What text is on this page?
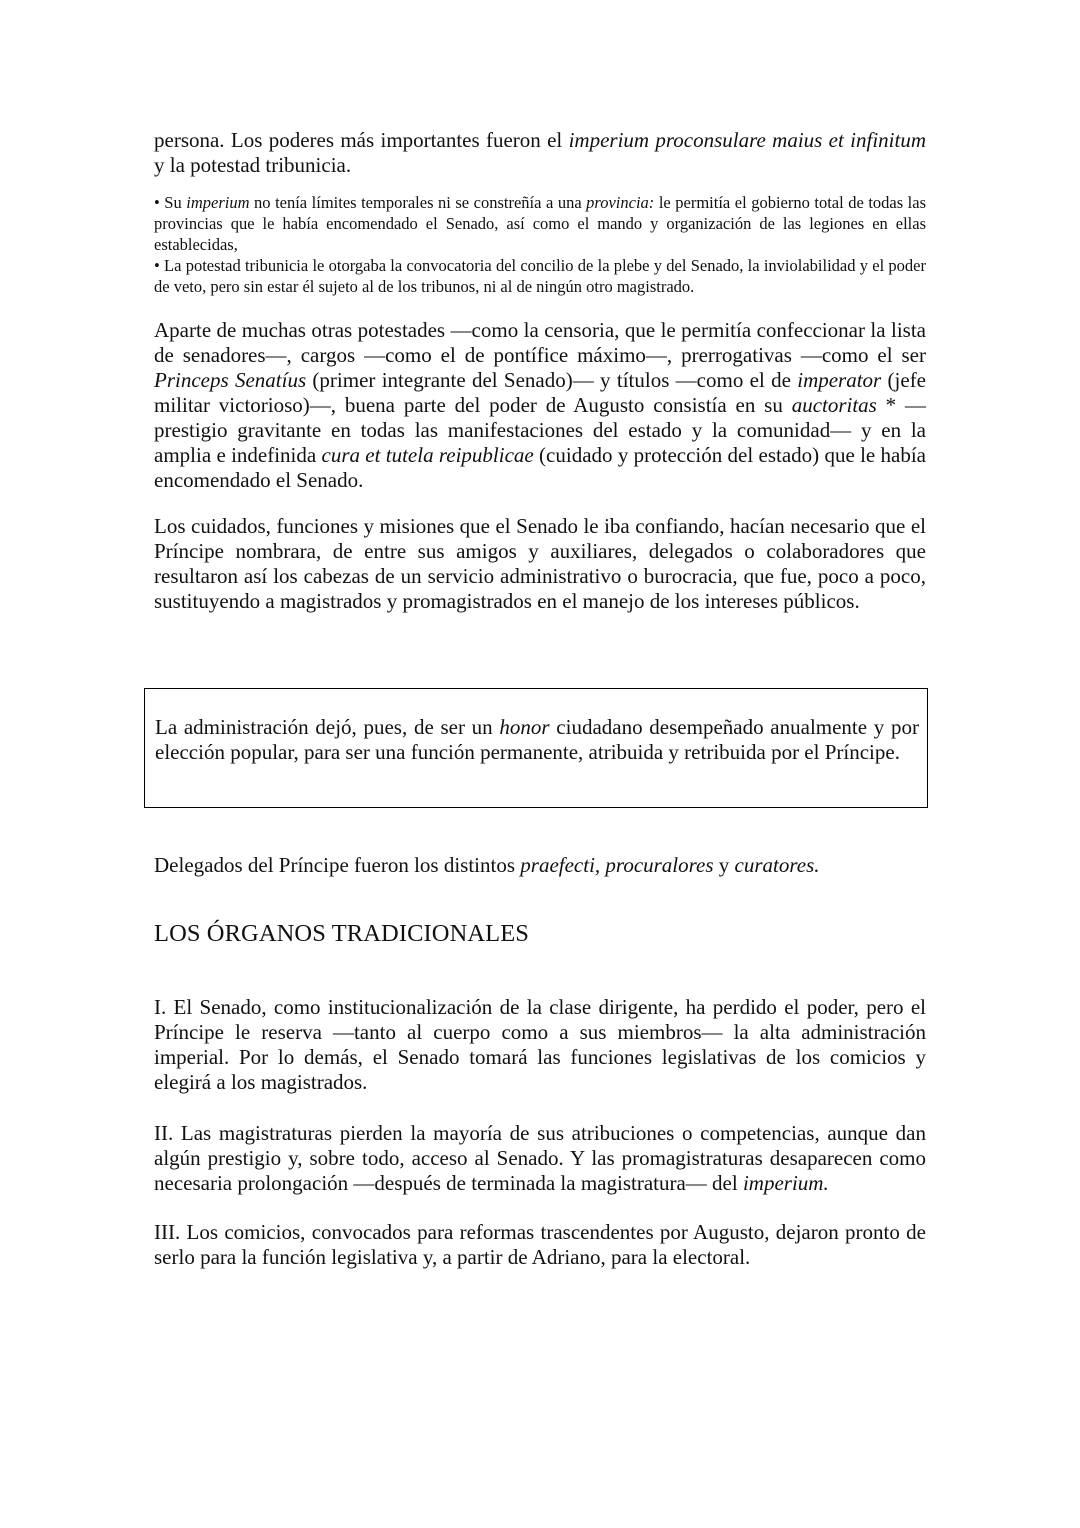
persona. Los poderes más importantes fueron el imperium proconsulare maius et infinitum y la potestad tribunicia.

• Su imperium no tenía límites temporales ni se constreñía a una provincia: le permitía el gobierno total de todas las provincias que le había encomendado el Senado, así como el mando y organización de las legiones en ellas establecidas,

• La potestad tribunicia le otorgaba la convocatoria del concilio de la plebe y del Senado, la inviolabilidad y el poder de veto, pero sin estar él sujeto al de los tribunos, ni al de ningún otro magistrado.

Aparte de muchas otras potestades —como la censoria, que le permitía confeccionar la lista de senadores—, cargos —como el de pontífice máximo—, prerrogativas —como el ser Princeps Senatíus (primer integrante del Senado)— y títulos —como el de imperator (jefe militar victorioso)—, buena parte del poder de Augusto consistía en su auctoritas * —prestigio gravitante en todas las manifestaciones del estado y la comunidad— y en la amplia e indefinida cura et tutela reipublicae (cuidado y protección del estado) que le había encomendado el Senado.

Los cuidados, funciones y misiones que el Senado le iba confiando, hacían necesario que el Príncipe nombrara, de entre sus amigos y auxiliares, delegados o colaboradores que resultaron así los cabezas de un servicio administrativo o burocracia, que fue, poco a poco, sustituyendo a magistrados y promagistrados en el manejo de los intereses públicos.

La administración dejó, pues, de ser un honor ciudadano desempeñado anualmente y por elección popular, para ser una función permanente, atribuida y retribuida por el Príncipe.

Delegados del Príncipe fueron los distintos praefecti, procuralores y curatores.

LOS ÓRGANOS TRADICIONALES

I. El Senado, como institucionalización de la clase dirigente, ha perdido el poder, pero el Príncipe le reserva —tanto al cuerpo como a sus miembros— la alta administración imperial. Por lo demás, el Senado tomará las funciones legislativas de los comicios y elegirá a los magistrados.

II. Las magistraturas pierden la mayoría de sus atribuciones o competencias, aunque dan algún prestigio y, sobre todo, acceso al Senado. Y las promagistraturas desaparecen como necesaria prolongación —después de terminada la magistratura— del imperium.

III. Los comicios, convocados para reformas trascendentes por Augusto, dejaron pronto de serlo para la función legislativa y, a partir de Adriano, para la electoral.
